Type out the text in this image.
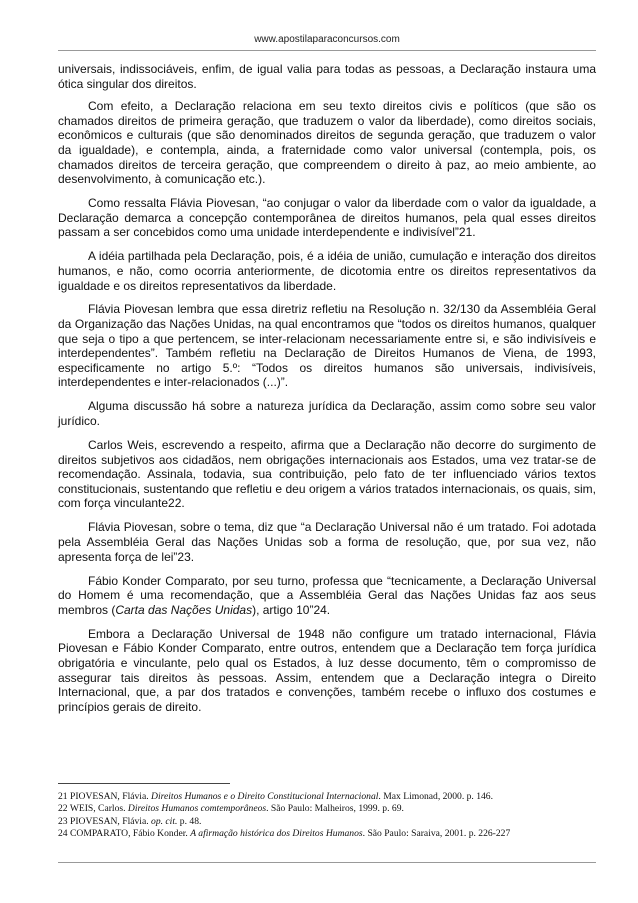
www.apostilaparaconcursos.com

universais, indissociáveis, enfim, de igual valia para todas as pessoas, a Declaração instaura uma ótica singular dos direitos.

Com efeito, a Declaração relaciona em seu texto direitos civis e políticos (que são os chamados direitos de primeira geração, que traduzem o valor da liberdade), como direitos sociais, econômicos e culturais (que são denominados direitos de segunda geração, que traduzem o valor da igualdade), e contempla, ainda, a fraternidade como valor universal (contemplа, pois, os chamados direitos de terceira geração, que compreendem o direito à paz, ao meio ambiente, ao desenvolvimento, à comunicação etc.).

Como ressalta Flávia Piovesan, “ao conjugar o valor da liberdade com o valor da igualdade, a Declaração demarca a concepção contemporânea de direitos humanos, pela qual esses direitos passam a ser concebidos como uma unidade interdependente e indivisível”21.

A idéia partilhada pela Declaração, pois, é a idéia de união, cumulação e interação dos direitos humanos, e não, como ocorria anteriormente, de dicotomia entre os direitos representativos da igualdade e os direitos representativos da liberdade.

Flávia Piovesan lembra que essa diretriz refletiu na Resolução n. 32/130 da Assembléia Geral da Organização das Nações Unidas, na qual encontramos que “todos os direitos humanos, qualquer que seja o tipo a que pertencem, se inter-relacionam necessariamente entre si, e são indivisíveis e interdependentes”. Também refletiu na Declaração de Direitos Humanos de Viena, de 1993, especificamente no artigo 5.º: “Todos os direitos humanos são universais, indivisíveis, interdependentes e inter-relacionados (...)”.

Alguma discussão há sobre a natureza jurídica da Declaração, assim como sobre seu valor jurídico.

Carlos Weis, escrevendo a respeito, afirma que a Declaração não decorre do surgimento de direitos subjetivos aos cidadãos, nem obrigações internacionais aos Estados, uma vez tratar-se de recomendação. Assinala, todavia, sua contribuição, pelo fato de ter influenciado vários textos constitucionais, sustentando que refletiu e deu origem a vários tratados internacionais, os quais, sim, com força vinculante22.

Flávia Piovesan, sobre o tema, diz que “a Declaração Universal não é um tratado. Foi adotada pela Assembléia Geral das Nações Unidas sob a forma de resolução, que, por sua vez, não apresenta força de lei”23.

Fábio Konder Comparato, por seu turno, professa que “tecnicamente, a Declaração Universal do Homem é uma recomendação, que a Assembléia Geral das Nações Unidas faz aos seus membros (Carta das Nações Unidas), artigo 10”24.

Embora a Declaração Universal de 1948 não configure um tratado internacional, Flávia Piovesan e Fábio Konder Comparato, entre outros, entendem que a Declaração tem força jurídica obrigatória e vinculante, pelo qual os Estados, à luz desse documento, têm o compromisso de assegurar tais direitos às pessoas. Assim, entendem que a Declaração integra o Direito Internacional, que, a par dos tratados e convenções, também recebe o influxo dos costumes e princípios gerais de direito.

21 PIOVESAN, Flávia. Direitos Humanos e o Direito Constitucional Internacional. Max Limonad, 2000. p. 146.
22 WEIS, Carlos. Direitos Humanos comtemporâneos. São Paulo: Malheiros, 1999. p. 69.
23 PIOVESAN, Flávia. op. cit. p. 48.
24 COMPARATO, Fábio Konder. A afirmação histórica dos Direitos Humanos. São Paulo: Saraiva, 2001. p. 226-227
